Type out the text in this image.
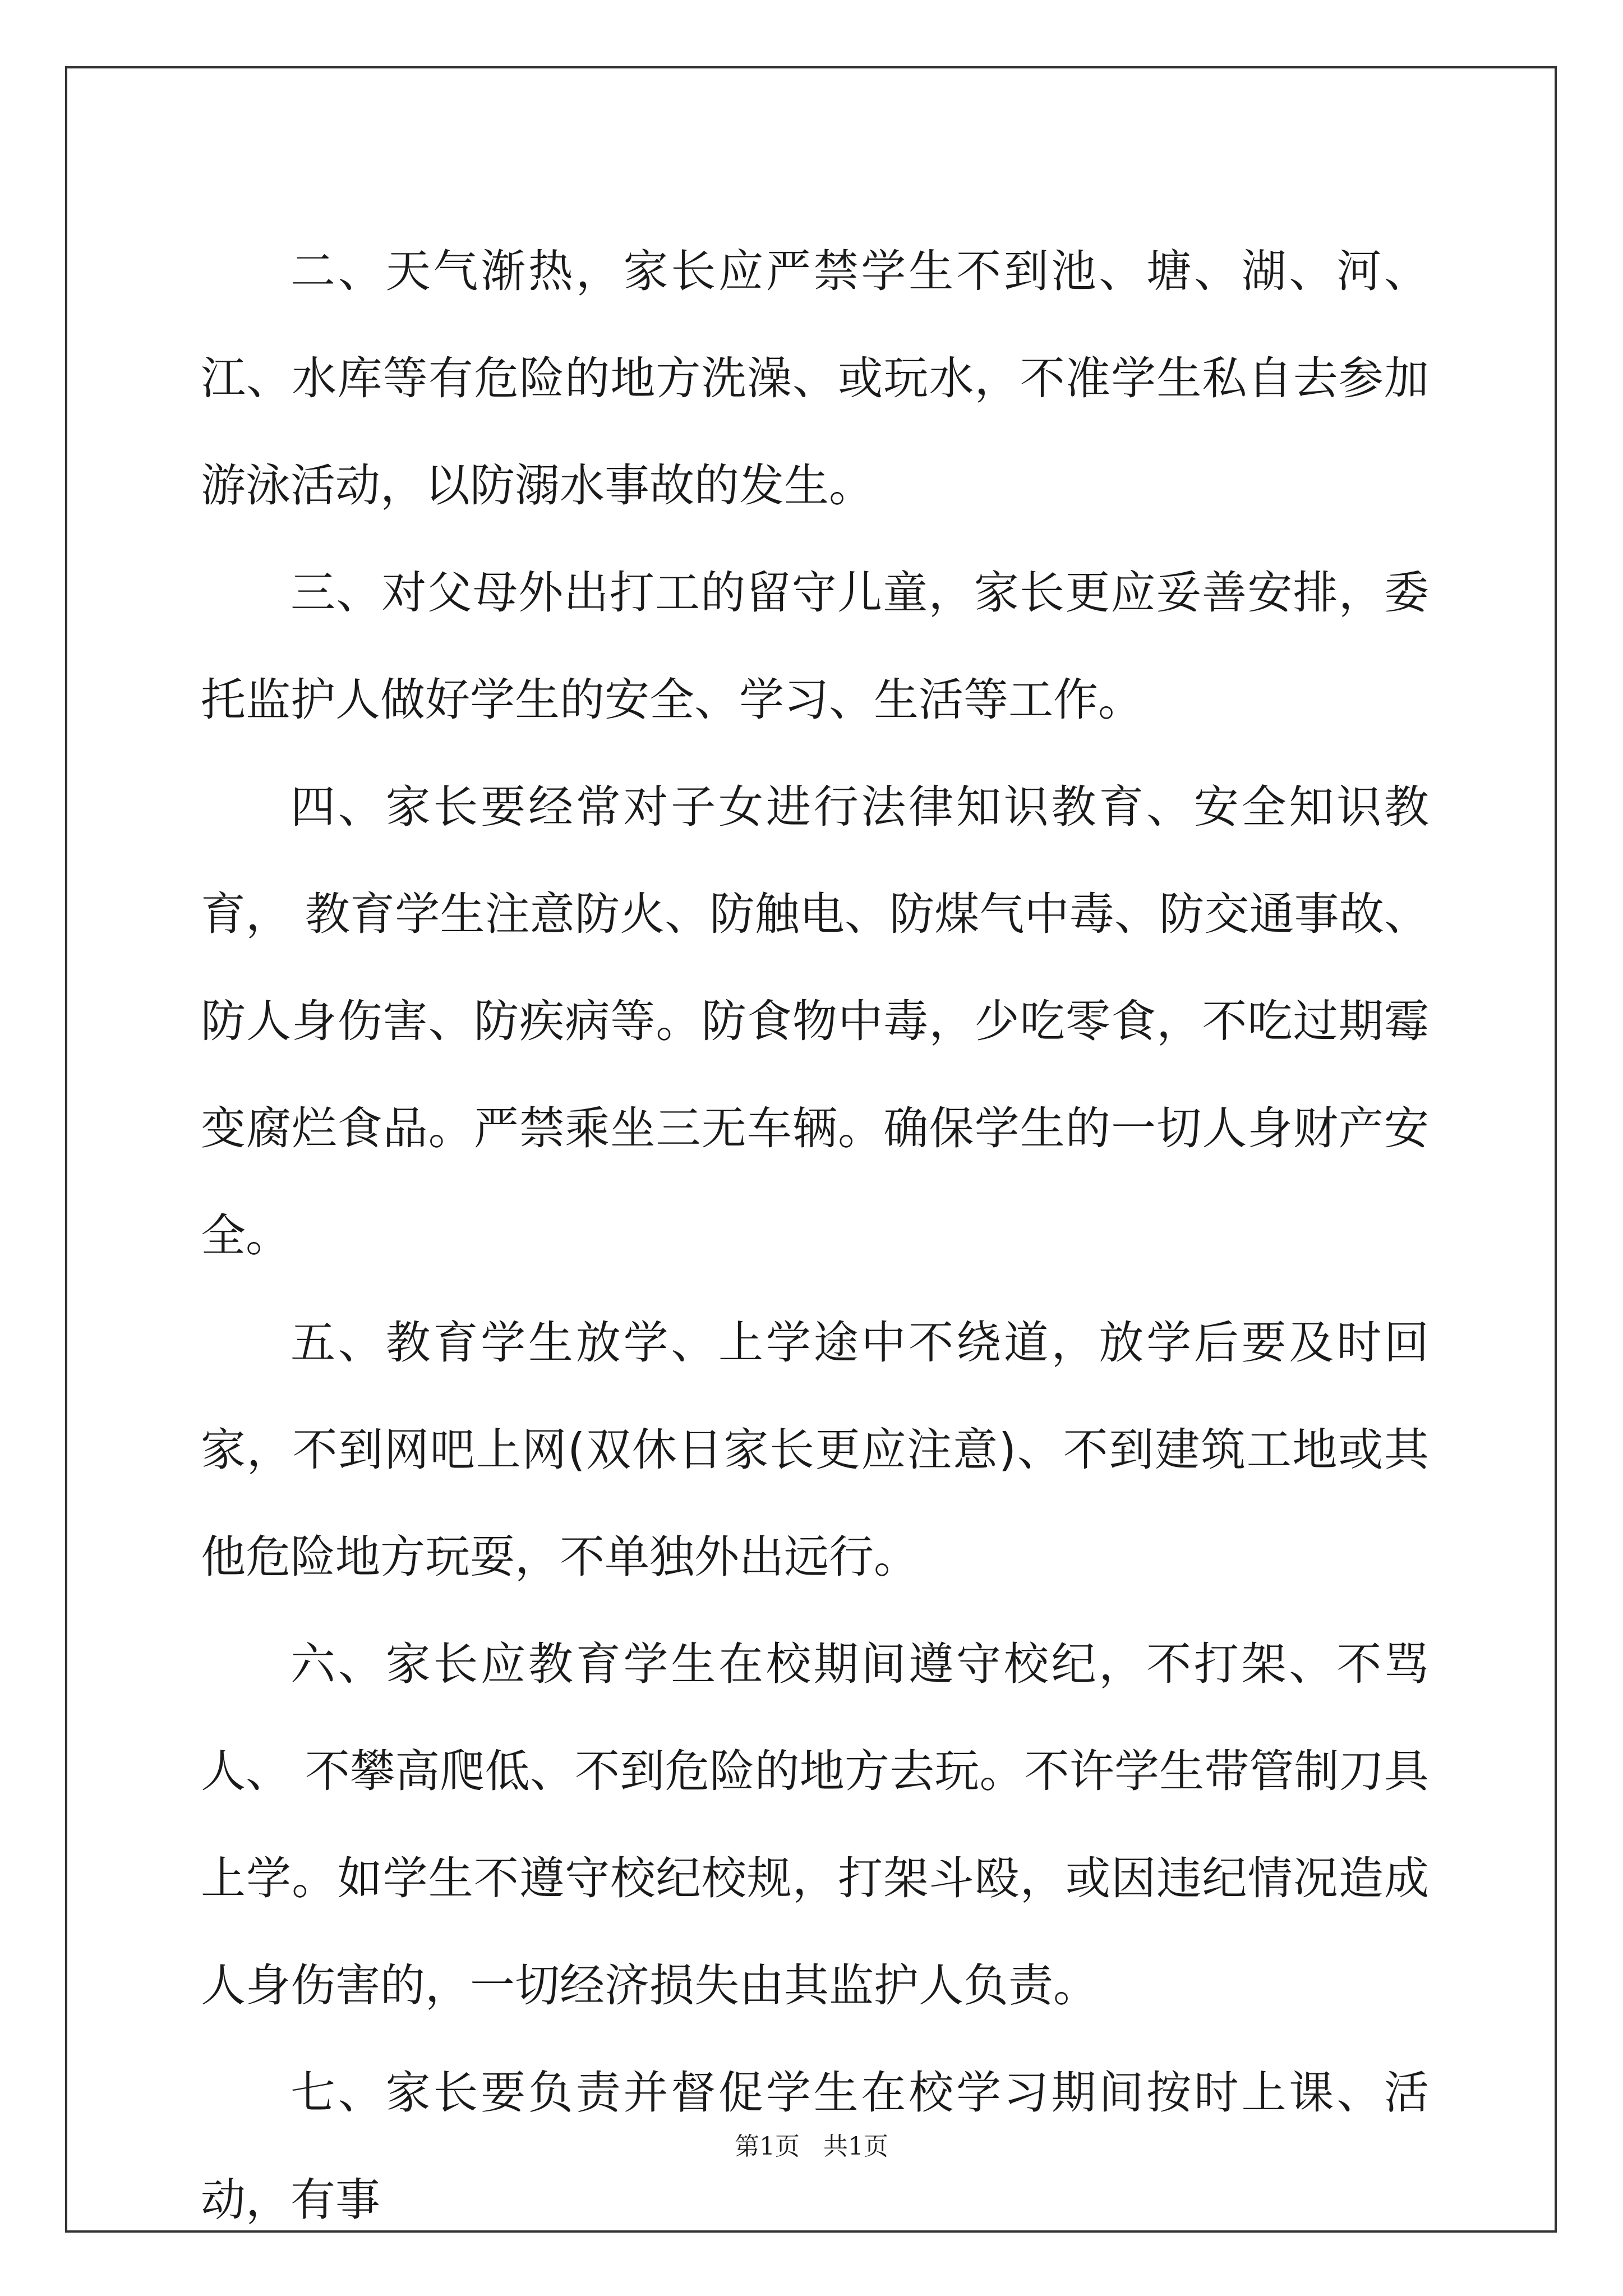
二、天气渐热，家长应严禁学生不到池、塘、湖、河、江、水库等有危险的地方洗澡、或玩水，不准学生私自去参加游泳活动，以防溺水事故的发生。

三、对父母外出打工的留守儿童，家长更应妥善安排，委托监护人做好学生的安全、学习、生活等工作。

四、家长要经常对子女进行法律知识教育、安全知识教育， 教育学生注意防火、防触电、防煤气中毒、防交通事故、防人身伤害、防疾病等。防食物中毒，少吃零食，不吃过期霉变腐烂食品。严禁乘坐三无车辆。确保学生的一切人身财产安全。

五、教育学生放学、上学途中不绕道，放学后要及时回家，不到网吧上网(双休日家长更应注意)、不到建筑工地或其他危险地方玩耍，不单独外出远行。

六、家长应教育学生在校期间遵守校纪，不打架、不骂人、 不攀高爬低、不到危险的地方去玩。不许学生带管制刀具上学。如学生不遵守校纪校规，打架斗殴，或因违纪情况造成人身伤害的，一切经济损失由其监护人负责。

七、家长要负责并督促学生在校学习期间按时上课、活动，有事

第1页   共1页
